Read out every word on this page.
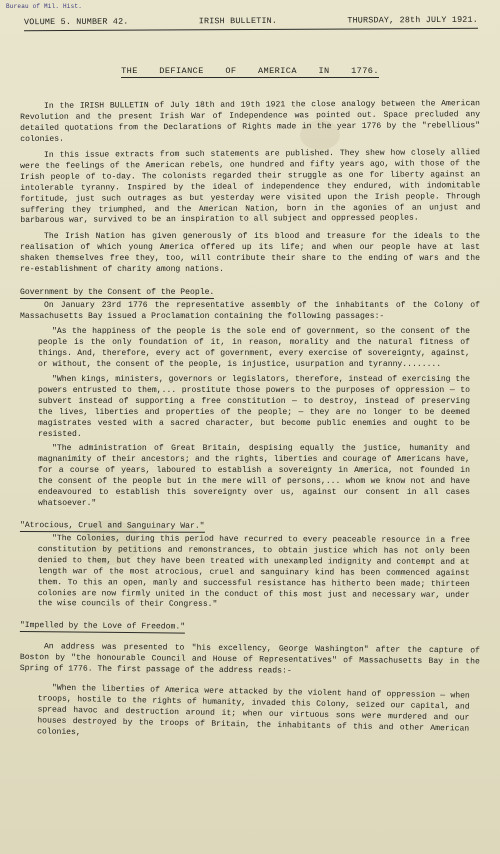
Bureau of Mil. Hist.
VOLUME 5. NUMBER 42.	IRISH BULLETIN.	THURSDAY, 28th JULY 1921.
THE DEFIANCE OF AMERICA IN 1776.

In the IRISH BULLETIN of July 18th and 19th 1921 the close analogy between the American Revolution and the present Irish War of Independence was pointed out. Space precluded any detailed quotations from the Declarations of Rights made in the year 1776 by the "rebellious" colonies.

In this issue extracts from such statements are published. They shew how closely allied were the feelings of the American rebels, one hundred and fifty years ago, with those of the Irish people of to-day. The colonists regarded their struggle as one for liberty against an intolerable tyranny. Inspired by the ideal of independence they endured, with indomitable fortitude, just such outrages as but yesterday were visited upon the Irish people. Through suffering they triumphed, and the American Nation, born in the agonies of an unjust and barbarous war, survived to be an inspiration to all subject and oppressed peoples.

The Irish Nation has given generously of its blood and treasure for the ideals to the realisation of which young America offered up its life; and when our people have at last shaken themselves free they, too, will contribute their share to the ending of wars and the re-establishment of charity among nations.

Government by the Consent of the People.

On January 23rd 1776 the representative assembly of the inhabitants of the Colony of Massachusetts Bay issued a Proclamation containing the following passages:-

"As the happiness of the people is the sole end of government, so the consent of the people is the only foundation of it, in reason, morality and the natural fitness of things. And, therefore, every act of government, every exercise of sovereignty, against, or without, the consent of the people, is injustice, usurpation and tyranny........

"When kings, ministers, governors or legislators, therefore, instead of exercising the powers entrusted to them,... prostitute those powers to the purposes of oppression — to subvert instead of supporting a free constitution — to destroy, instead of preserving the lives, liberties and properties of the people; — they are no longer to be deemed magistrates vested with a sacred character, but become public enemies and ought to be resisted.

"The administration of Great Britain, despising equally the justice, humanity and magnanimity of their ancestors; and the rights, liberties and courage of Americans have, for a course of years, laboured to establish a sovereignty in America, not founded in the consent of the people but in the mere will of persons,... whom we know not and have endeavoured to establish this sovereignty over us, against our consent in all cases whatsoever."

"Atrocious, Cruel and Sanguinary War."

"The Colonies, during this period have recurred to every peaceable resource in a free constitution by petitions and remonstrances, to obtain justice which has not only been denied to them, but they have been treated with unexampled indignity and contempt and at length war of the most atrocious, cruel and sanguinary kind has been commenced against them. To this an open, manly and successful resistance has hitherto been made; thirteen colonies are now firmly united in the conduct of this most just and necessary war, under the wise councils of their Congress."

"Impelled by the Love of Freedom."

An address was presented to "his excellency, George Washington" after the capture of Boston by "the honourable Council and House of Representatives" of Massachusetts Bay in the Spring of 1776. The first passage of the address reads:-

"When the liberties of America were attacked by the violent hand of oppression — when troops, hostile to the rights of humanity, invaded this Colony, seized our capital, and spread havoc and destruction around it; when our virtuous sons were murdered and our houses destroyed by the troops of Britain, the inhabitants of this and other American colonies,
